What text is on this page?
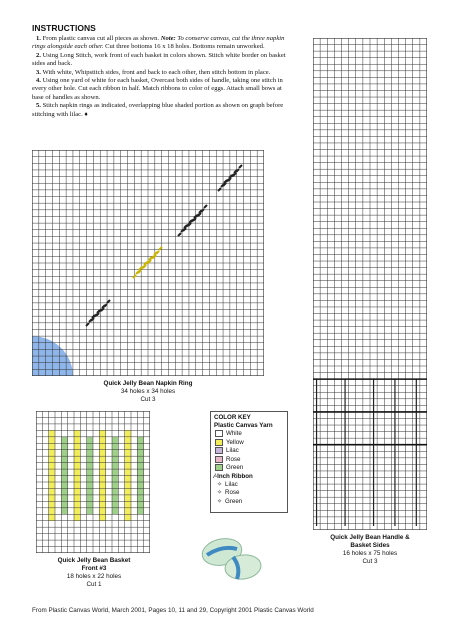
INSTRUCTIONS

1. From plastic canvas cut all pieces as shown. Note: To conserve canvas, cut the three napkin rings alongside each other. Cut three bottoms 16 x 18 holes. Bottoms remain unworked.

2. Using Long Stitch, work front of each basket in colors shown. Stitch white border on basket sides and back.

3. With white, Whipstitch sides, front and back to each other, then stitch bottom in place.

4. Using one yard of white for each basket, Overcast both sides of handle, taking one stitch in every other hole. Cut each ribbon in half. Match ribbons to color of eggs. Attach small bows at base of handles as shown.

5. Stitch napkin rings as indicated, overlapping blue shaded portion as shown on graph before stitching with lilac. ♦

Quick Jelly Bean Napkin Ring
34 holes x 34 holes
Cut 3
Quick Jelly Bean Basket
Front #3
18 holes x 22 holes
Cut 1
COLOR KEY
Plastic Canvas Yarn
White
Yellow
Lilac
Rose
Green
⁄-Inch Ribbon
✧ Lilac
✧ Rose
✧ Green
Quick Jelly Bean Handle &
Basket Sides
16 holes x 75 holes
Cut 3
From Plastic Canvas World, March 2001, Pages 10, 11 and 29, Copyright 2001 Plastic Canvas World
